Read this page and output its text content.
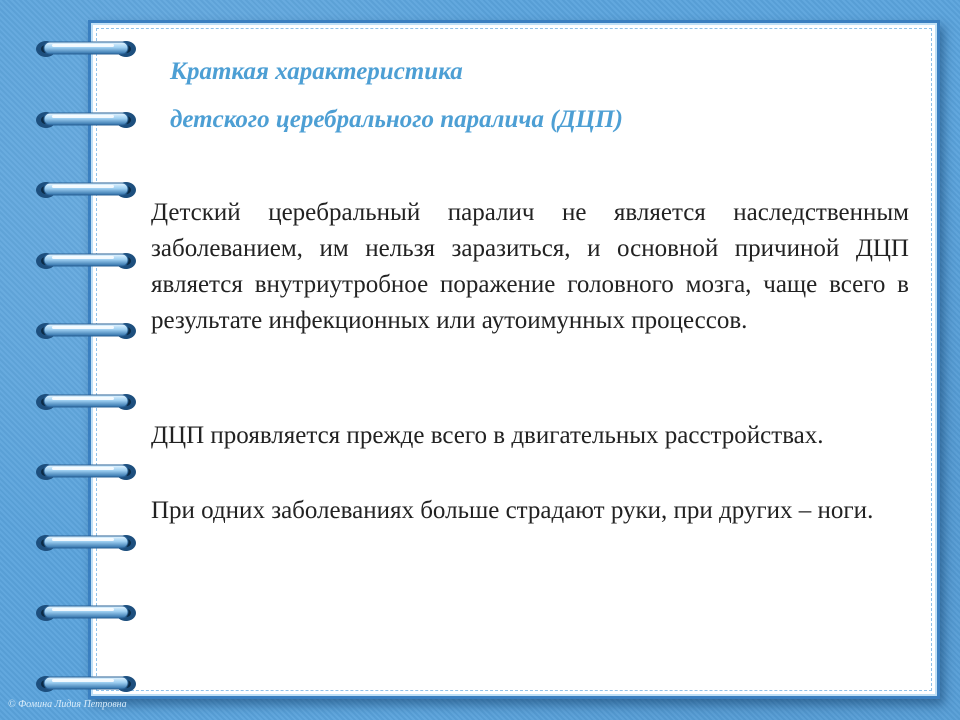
Краткая характеристика
детского церебрального паралича (ДЦП)

Детский церебральный паралич не является наследственным заболеванием, им нельзя заразиться, и основной причиной ДЦП является внутриутробное поражение головного мозга, чаще всего в результате инфекционных или аутоимунных процессов.

ДЦП проявляется прежде всего в двигательных расстройствах.

При одних заболеваниях больше страдают руки, при других – ноги.

© Фомина Лидия Петровна
